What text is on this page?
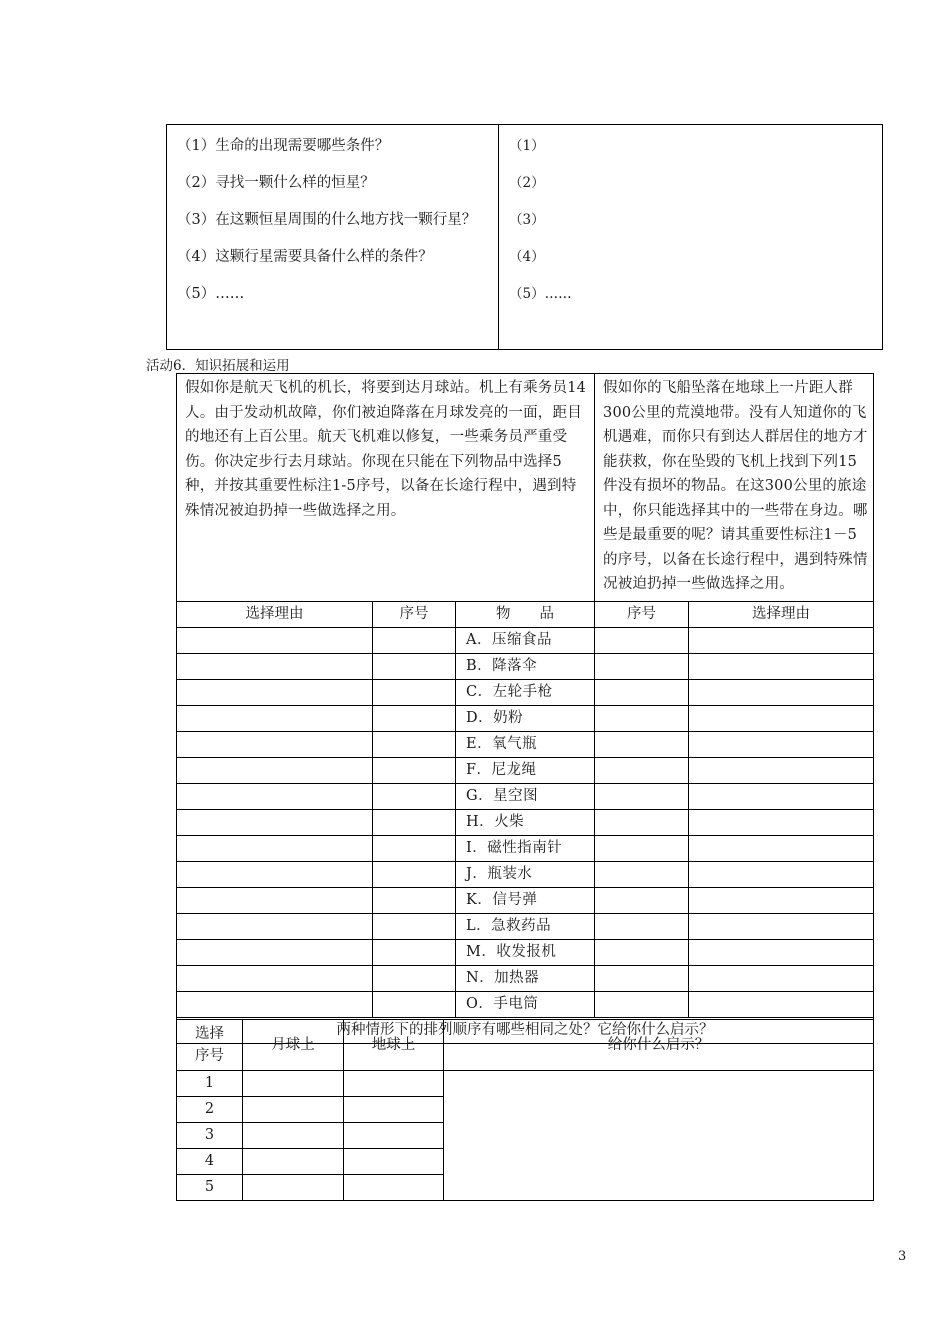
（1）生命的出现需要哪些条件？
（2）寻找一颗什么样的恒星？
（3）在这颗恒星周围的什么地方找一颗行星？
（4）这颗行星需要具备什么样的条件？
（5）……

（1）
（2）
（3）
（4）
（5）……
活动6．知识拓展和运用
假如你是航天飞机的机长，将要到达月球站。机上有乘务员14人。由于发动机故障，你们被迫降落在月球发亮的一面，距目的地还有上百公里。航天飞机难以修复，一些乘务员严重受伤。你决定步行去月球站。你现在只能在下列物品中选择5种，并按其重要性标注1-5序号，以备在长途行程中，遇到特殊情况被迫扔掉一些做选择之用。			假如你的飞船坠落在地球上一片距人群300公里的荒漠地带。没有人知道你的飞机遇难，而你只有到达人群居住的地方才能获救，你在坠毁的飞机上找到下列15件没有损坏的物品。在这300公里的旅途中，你只能选择其中的一些带在身边。哪些是最重要的呢？请其重要性标注1－5的序号，以备在长途行程中，遇到特殊情况被迫扔掉一些做选择之用。	
选择理由	序号	物　　品	序号	选择理由
		A．压缩食品		
		B．降落伞		
		C．左轮手枪		
		D．奶粉		
		E．氧气瓶		
		F．尼龙绳		
		G．星空图		
		H．火柴		
		I．磁性指南针		
		J．瓶装水		
		K．信号弹		
		L．急救药品		
		M．收发报机		
		N．加热器		
		O．手电筒		
两种情形下的排列顺序有哪些相同之处？它给你什么启示？				
选择
序号	月球上	地球上	给你什么启示？
1			
2			
3			
4			
5			
3
